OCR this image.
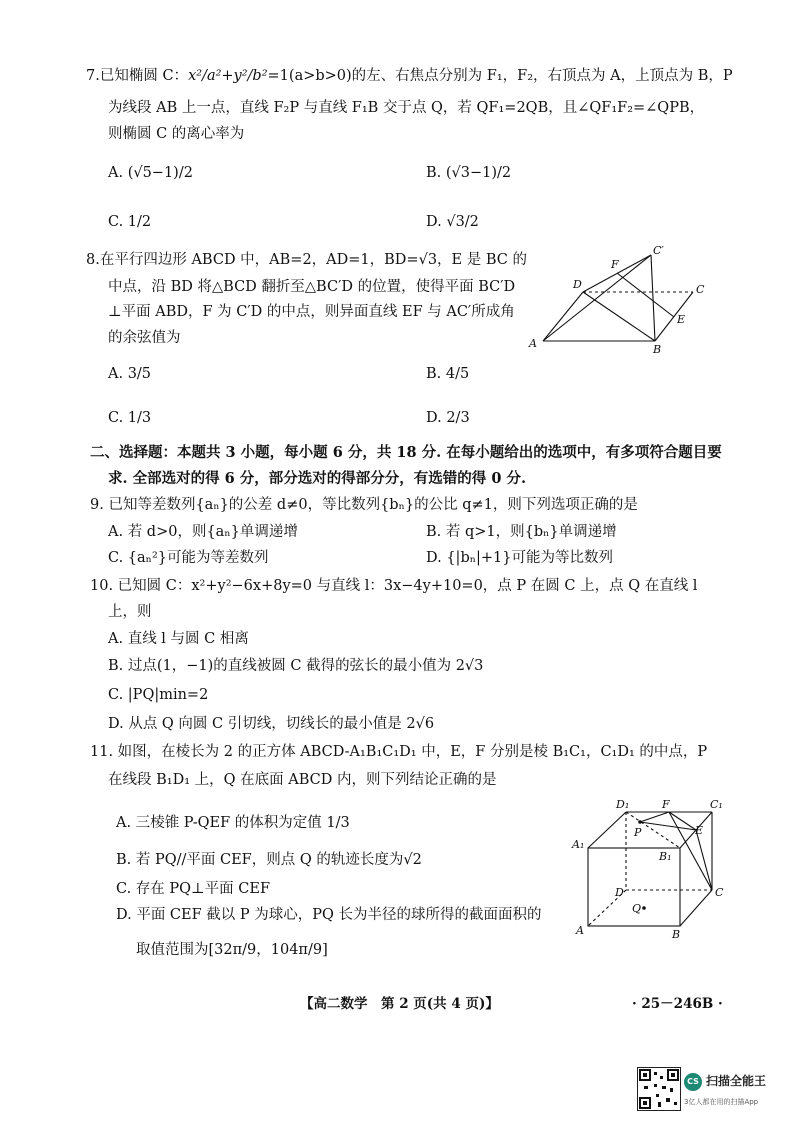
7.已知椭圆 C：x²/a²+y²/b²=1(a>b>0)的左、右焦点分别为 F₁，F₂，右顶点为 A，上顶点为 B，P
为线段 AB 上一点，直线 F₂P 与直线 F₁B 交于点 Q，若 QF₁=2QB，且∠QF₁F₂=∠QPB，
则椭圆 C 的离心率为
A. (√5−1)/2	B. (√3−1)/2
C. 1/2	D. √3/2
8.在平行四边形 ABCD 中，AB=2，AD=1，BD=√3，E 是 BC 的
中点，沿 BD 将△BCD 翻折至△BC′D 的位置，使得平面 BC′D
⊥平面 ABD，F 为 C′D 的中点，则异面直线 EF 与 AC′所成角
的余弦值为
A. 3/5	B. 4/5
C. 1/3	D. 2/3
A	B
C
D
E
F
C′
二、选择题：本题共 3 小题，每小题 6 分，共 18 分. 在每小题给出的选项中，有多项符合题目要
求. 全部选对的得 6 分，部分选对的得部分分，有选错的得 0 分.
9. 已知等差数列{aₙ}的公差 d≠0，等比数列{bₙ}的公比 q≠1，则下列选项正确的是
A. 若 d>0，则{aₙ}单调递增	B. 若 q>1，则{bₙ}单调递增
C. {aₙ²}可能为等差数列	D. {|bₙ|+1}可能为等比数列
10. 已知圆 C：x²+y²−6x+8y=0 与直线 l：3x−4y+10=0，点 P 在圆 C 上，点 Q 在直线 l
上，则
A. 直线 l 与圆 C 相离
B. 过点(1，−1)的直线被圆 C 截得的弦长的最小值为 2√3
C. |PQ|min=2
D. 从点 Q 向圆 C 引切线，切线长的最小值是 2√6
11. 如图，在棱长为 2 的正方体 ABCD-A₁B₁C₁D₁ 中，E，F 分别是棱 B₁C₁，C₁D₁ 的中点，P
在线段 B₁D₁ 上，Q 在底面 ABCD 内，则下列结论正确的是
A. 三棱锥 P-QEF 的体积为定值 1/3
B. 若 PQ//平面 CEF，则点 Q 的轨迹长度为√2
C. 存在 PQ⊥平面 CEF
D. 平面 CEF 截以 P 为球心，PQ 长为半径的球所得的截面面积的
取值范围为[32π/9，104π/9]
D₁	F	C₁
P	E
A₁
B₁
D	C
Q
A	B
【高二数学　第 2 页(共 4 页)】	· 25－246B ·
CS 扫描全能王
3亿人都在用的扫描App
